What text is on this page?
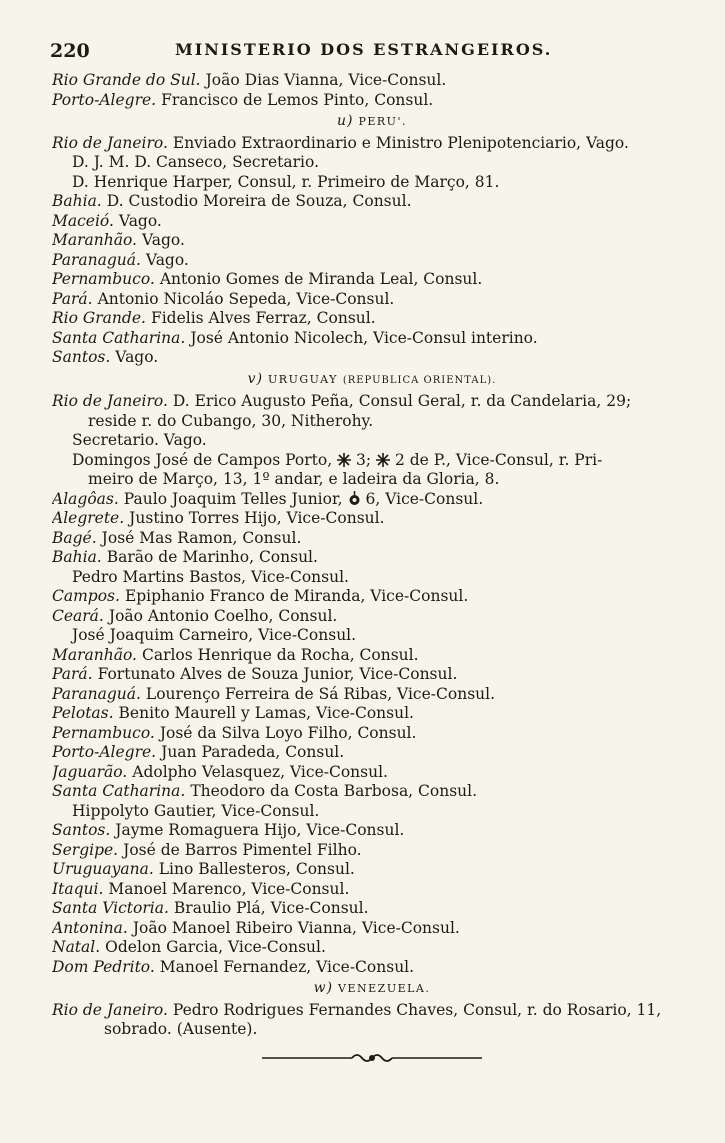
220	MINISTERIO DOS ESTRANGEIROS.
Rio Grande do Sul. João Dias Vianna, Vice-Consul.
Porto-Alegre. Francisco de Lemos Pinto, Consul.
u) PERU'.
Rio de Janeiro. Enviado Extraordinario e Ministro Plenipotenciario, Vago.
D. J. M. D. Canseco, Secretario.
D. Henrique Harper, Consul, r. Primeiro de Março, 81.
Bahia. D. Custodio Moreira de Souza, Consul.
Maceió. Vago.
Maranhão. Vago.
Paranaguá. Vago.
Pernambuco. Antonio Gomes de Miranda Leal, Consul.
Pará. Antonio Nicoláo Sepeda, Vice-Consul.
Rio Grande. Fidelis Alves Ferraz, Consul.
Santa Catharina. José Antonio Nicolech, Vice-Consul interino.
Santos. Vago.
v) URUGUAY (REPUBLICA ORIENTAL).
Rio de Janeiro. D. Erico Augusto Peña, Consul Geral, r. da Candelaria, 29;
reside r. do Cubango, 30, Nitherohy.
Secretario. Vago.
Domingos José de Campos Porto, 3; 2 de P., Vice-Consul, r. Pri-
meiro de Março, 13, 1º andar, e ladeira da Gloria, 8.
Alagôas. Paulo Joaquim Telles Junior, 6, Vice-Consul.
Alegrete. Justino Torres Hijo, Vice-Consul.
Bagé. José Mas Ramon, Consul.
Bahia. Barão de Marinho, Consul.
Pedro Martins Bastos, Vice-Consul.
Campos. Epiphanio Franco de Miranda, Vice-Consul.
Ceará. João Antonio Coelho, Consul.
José Joaquim Carneiro, Vice-Consul.
Maranhão. Carlos Henrique da Rocha, Consul.
Pará. Fortunato Alves de Souza Junior, Vice-Consul.
Paranaguá. Lourenço Ferreira de Sá Ribas, Vice-Consul.
Pelotas. Benito Maurell y Lamas, Vice-Consul.
Pernambuco. José da Silva Loyo Filho, Consul.
Porto-Alegre. Juan Paradeda, Consul.
Jaguarão. Adolpho Velasquez, Vice-Consul.
Santa Catharina. Theodoro da Costa Barbosa, Consul.
Hippolyto Gautier, Vice-Consul.
Santos. Jayme Romaguera Hijo, Vice-Consul.
Sergipe. José de Barros Pimentel Filho.
Uruguayana. Lino Ballesteros, Consul.
Itaqui. Manoel Marenco, Vice-Consul.
Santa Victoria. Braulio Plá, Vice-Consul.
Antonina. João Manoel Ribeiro Vianna, Vice-Consul.
Natal. Odelon Garcia, Vice-Consul.
Dom Pedrito. Manoel Fernandez, Vice-Consul.
w) VENEZUELA.
Rio de Janeiro. Pedro Rodrigues Fernandes Chaves, Consul, r. do Rosario, 11,
sobrado. (Ausente).
